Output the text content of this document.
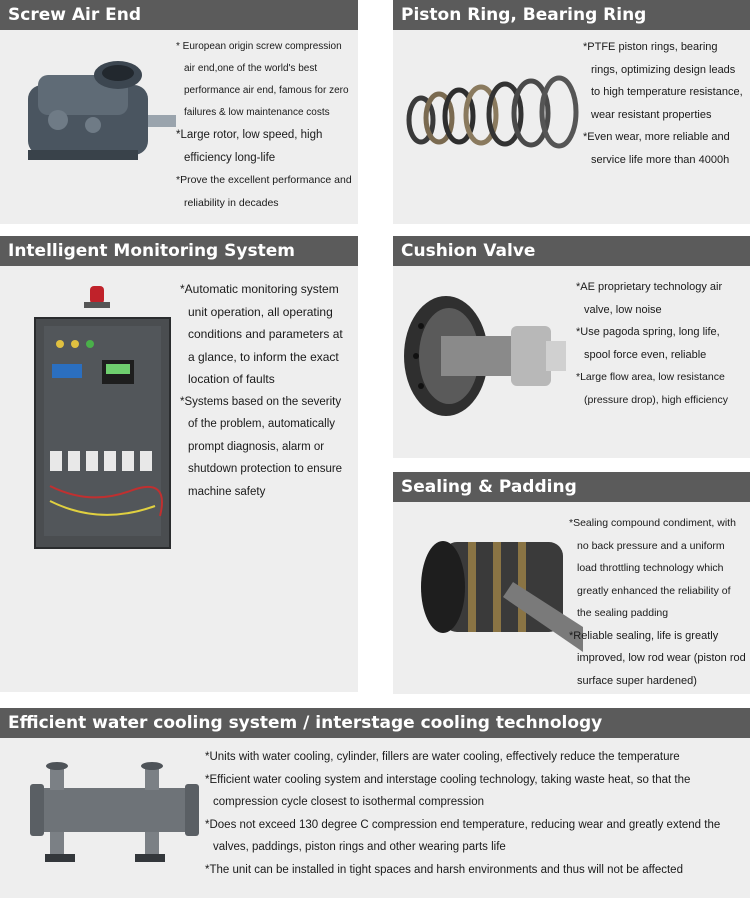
Screw Air End
* European origin screw compression air end,one of the world's best performance air end, famous for zero failures & low maintenance costs
*Large rotor, low speed, high efficiency long-life
*Prove the excellent performance and reliability in decades
Piston Ring, Bearing Ring
*PTFE piston rings, bearing rings, optimizing design leads to high temperature resistance, wear resistant properties
*Even wear, more reliable and service life more than 4000h
Intelligent Monitoring System
*Automatic monitoring system unit operation, all operating conditions and parameters at a glance, to inform the exact location of faults
*Systems based on the severity of the problem, automatically prompt diagnosis, alarm or shutdown protection to ensure machine safety
Cushion Valve
*AE proprietary technology air valve, low noise
*Use pagoda spring, long life, spool force even, reliable
*Large flow area, low resistance (pressure drop), high efficiency
Sealing & Padding
*Sealing compound condiment, with no back pressure and a uniform load throttling technology which greatly enhanced the reliability of the sealing padding
*Reliable sealing, life is greatly improved, low rod wear (piston rod surface super hardened)
Efficient water cooling system / interstage cooling technology
*Units with water cooling, cylinder, fillers are water cooling, effectively reduce the temperature
*Efficient water cooling system and interstage cooling technology, taking waste heat, so that the compression cycle closest to isothermal compression
*Does not exceed 130 degree C compression end temperature, reducing wear and greatly extend the valves, paddings, piston rings and other wearing parts life
*The unit can be installed in tight spaces and harsh environments and thus will not be affected
